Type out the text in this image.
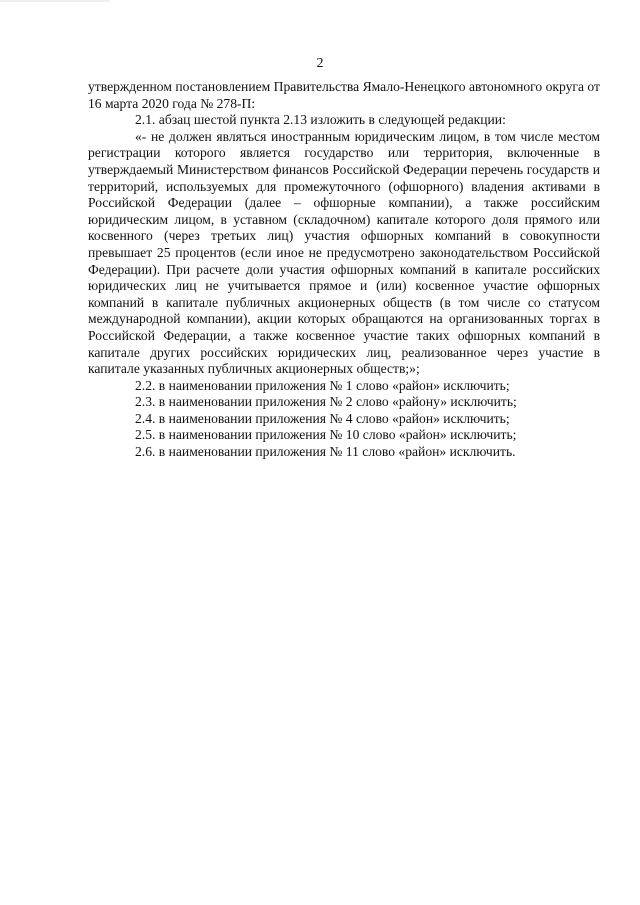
2

утвержденном постановлением Правительства Ямало-Ненецкого автономного округа от 16 марта 2020 года № 278-П:

2.1. абзац шестой пункта 2.13 изложить в следующей редакции:

«- не должен являться иностранным юридическим лицом, в том числе местом регистрации которого является государство или территория, включенные в утверждаемый Министерством финансов Российской Федерации перечень государств и территорий, используемых для промежуточного (офшорного) владения активами в Российской Федерации (далее – офшорные компании), а также российским юридическим лицом, в уставном (складочном) капитале которого доля прямого или косвенного (через третьих лиц) участия офшорных компаний в совокупности превышает 25 процентов (если иное не предусмотрено законодательством Российской Федерации). При расчете доли участия офшорных компаний в капитале российских юридических лиц не учитывается прямое и (или) косвенное участие офшорных компаний в капитале публичных акционерных обществ (в том числе со статусом международной компании), акции которых обращаются на организованных торгах в Российской Федерации, а также косвенное участие таких офшорных компаний в капитале других российских юридических лиц, реализованное через участие в капитале указанных публичных акционерных обществ;»;

2.2. в наименовании приложения № 1 слово «район» исключить;

2.3. в наименовании приложения № 2 слово «району» исключить;

2.4. в наименовании приложения № 4 слово «район» исключить;

2.5. в наименовании приложения № 10 слово «район» исключить;

2.6. в наименовании приложения № 11 слово «район» исключить.
